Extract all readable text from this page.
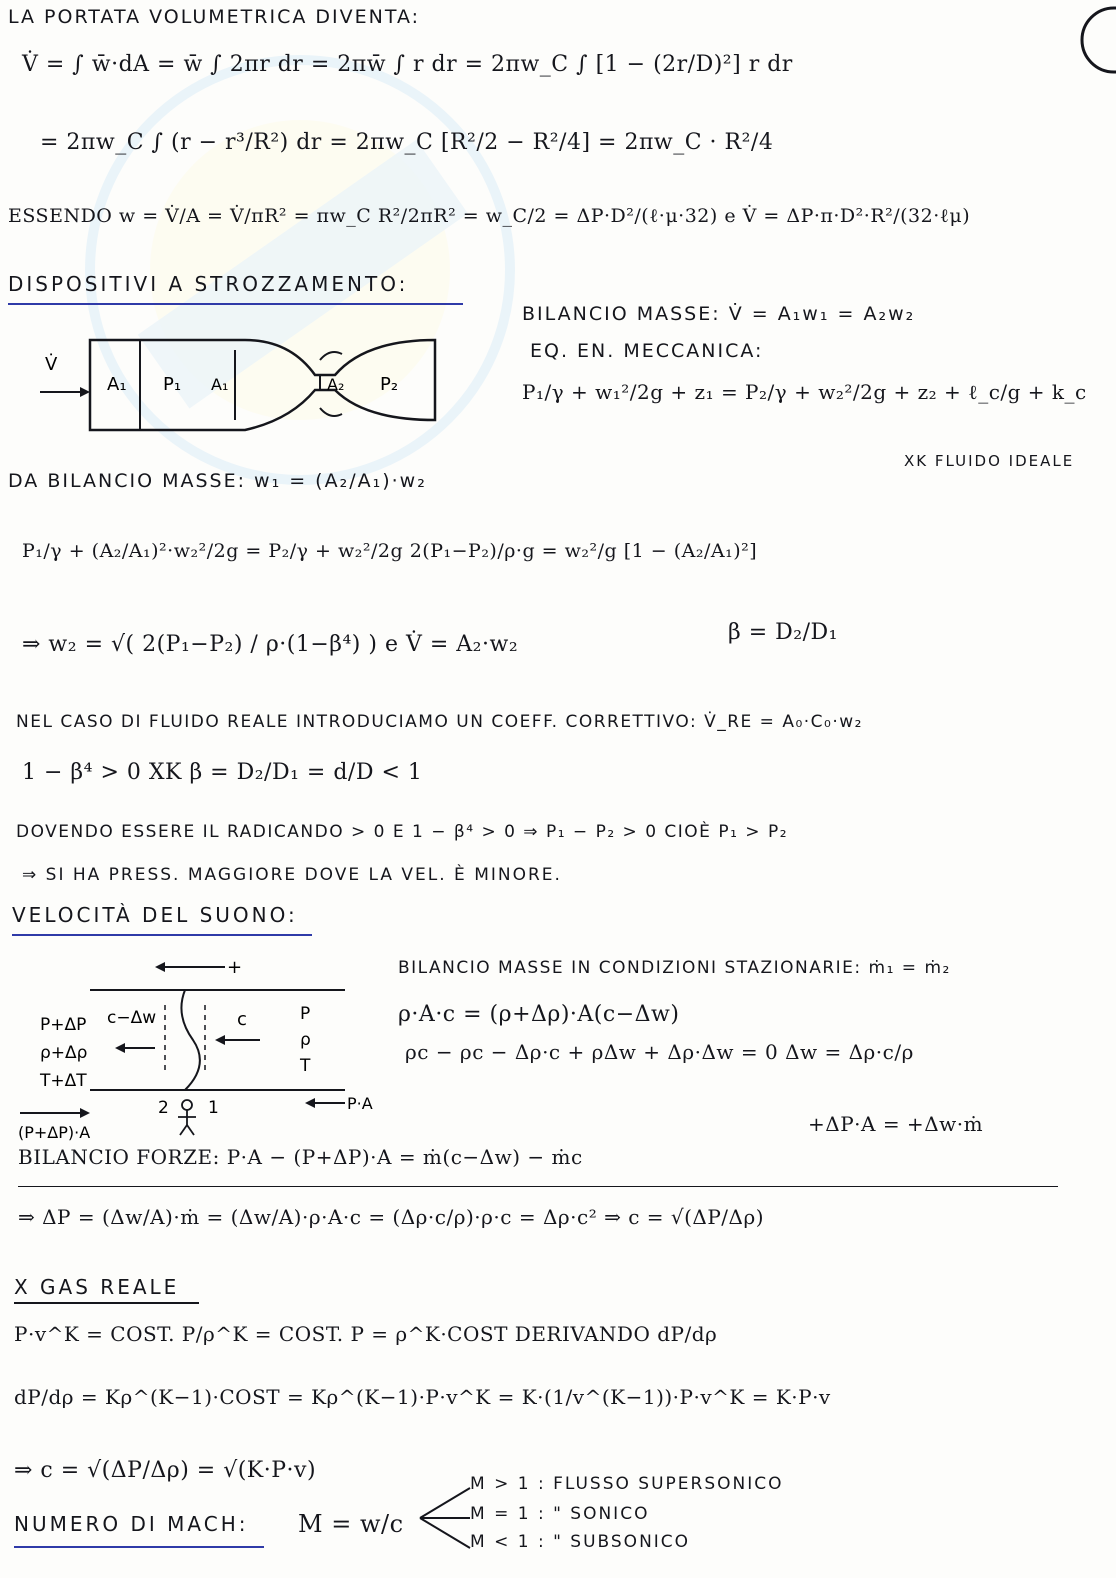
LA PORTATA VOLUMETRICA DIVENTA:
V̇ = ∫ w̄·dA = w̄ ∫ 2πr dr = 2πw̄ ∫ r dr = 2πw_C ∫ [1 − (2r/D)²] r dr
= 2πw_C ∫ (r − r³/R²) dr = 2πw_C [R²/2 − R²/4] = 2πw_C · R²/4
ESSENDO w = V̇/A = V̇/πR² = πw_C R²/2πR² = w_C/2 = ΔP·D²/(ℓ·μ·32) e V̇ = ΔP·π·D²·R²/(32·ℓμ)
DISPOSITIVI A STROZZAMENTO:
V̇
A₁ P₁ A₁	A₂ P₂
BILANCIO MASSE: V̇ = A₁w₁ = A₂w₂
EQ. EN. MECCANICA:
P₁/γ + w₁²/2g + z₁ = P₂/γ + w₂²/2g + z₂ + ℓ_c/g + k_c
XK FLUIDO IDEALE
DA BILANCIO MASSE: w₁ = (A₂/A₁)·w₂
P₁/γ + (A₂/A₁)²·w₂²/2g = P₂/γ + w₂²/2g 2(P₁−P₂)/ρ·g = w₂²/g [1 − (A₂/A₁)²]
⇒ w₂ = √( 2(P₁−P₂) / ρ·(1−β⁴) ) e V̇ = A₂·w₂	β = D₂/D₁
NEL CASO DI FLUIDO REALE INTRODUCIAMO UN COEFF. CORRETTIVO: V̇_RE = A₀·C₀·w₂
1 − β⁴ > 0 XK β = D₂/D₁ = d/D < 1
DOVENDO ESSERE IL RADICANDO > 0 E 1 − β⁴ > 0 ⇒ P₁ − P₂ > 0 CIOÈ P₁ > P₂
⇒ SI HA PRESS. MAGGIORE DOVE LA VEL. È MINORE.
VELOCITÀ DEL SUONO:
+
P+ΔP
ρ+Δρ
T+ΔT
(P+ΔP)·A
c−Δw	c	P
ρ
T
P·A
2 1
BILANCIO MASSE IN CONDIZIONI STAZIONARIE: ṁ₁ = ṁ₂
ρ·A·c = (ρ+Δρ)·A(c−Δw)
ρc − ρc − Δρ·c + ρΔw + Δρ·Δw = 0 Δw = Δρ·c/ρ
+ΔP·A = +Δw·ṁ
BILANCIO FORZE: P·A − (P+ΔP)·A = ṁ(c−Δw) − ṁc
⇒ ΔP = (Δw/A)·ṁ = (Δw/A)·ρ·A·c = (Δρ·c/ρ)·ρ·c = Δρ·c² ⇒ c = √(ΔP/Δρ)
X GAS REALE
P·v^K = COST. P/ρ^K = COST. P = ρ^K·COST DERIVANDO dP/dρ
dP/dρ = Kρ^(K−1)·COST = Kρ^(K−1)·P·v^K = K·(1/v^(K−1))·P·v^K = K·P·v
⇒ c = √(ΔP/Δρ) = √(K·P·v)
NUMERO DI MACH: M = w/c
M > 1 : FLUSSO SUPERSONICO
M = 1 : " SONICO
M < 1 : " SUBSONICO
